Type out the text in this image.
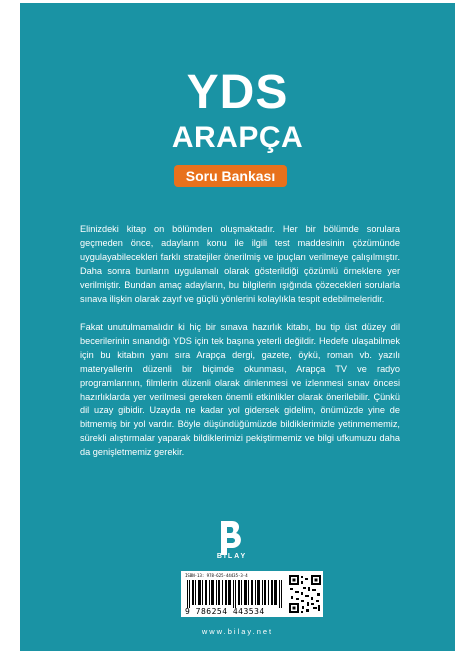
YDS
ARAPÇA
Soru Bankası

Elinizdeki kitap on bölümden oluşmaktadır. Her bir bölümde sorulara geçmeden önce, adayların konu ile ilgili test maddesinin çözümünde uygulayabilecekleri farklı stratejiler önerilmiş ve ipuçları verilmeye çalışılmıştır. Daha sonra bunların uygulamalı olarak gösterildiği çözümlü örneklere yer verilmiştir. Bundan amaç adayların, bu bilgilerin ışığında çözecekleri sorularla sınava ilişkin olarak zayıf ve güçlü yönlerini kolaylıkla tespit edebilmeleridir.

Fakat unutulmamalıdır ki hiç bir sınava hazırlık kitabı, bu tip üst düzey dil becerilerinin sınandığı YDS için tek başına yeterli değildir. Hedefe ulaşabilmek için bu kitabın yanı sıra Arapça dergi, gazete, öykü, roman vb. yazılı materyallerin düzenli bir biçimde okunması, Arapça TV ve radyo programlarının, filmlerin düzenli olarak dinlenmesi ve izlenmesi sınav öncesi hazırlıklarda yer verilmesi gereken önemli etkinlikler olarak önerilebilir. Çünkü dil uzay gibidir. Uzayda ne kadar yol gidersek gidelim, önümüzde yine de bitmemiş bir yol vardır. Böyle düşündüğümüzde bildiklerimizle yetinmememiz, sürekli alıştırmalar yaparak bildiklerimizi pekiştirmemiz ve bilgi ufkumuzu daha da genişletmemiz gerekir.

BİLAY
ISBN-13: 978-625-44435-3-4
9 786254 443534
www.bilay.net
